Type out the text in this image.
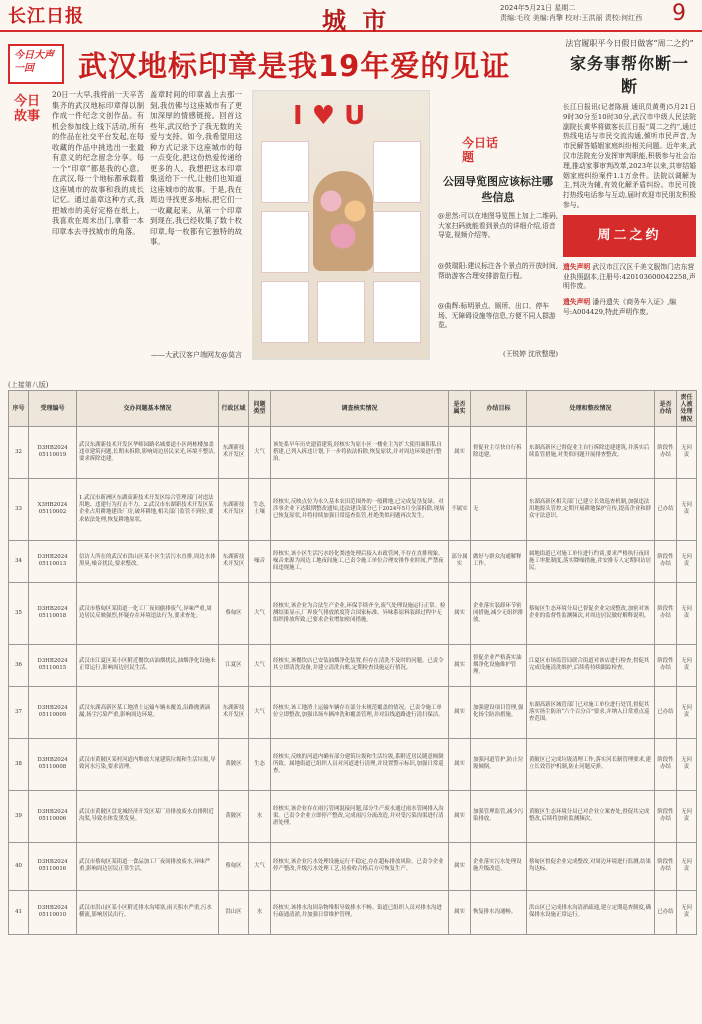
长江日报	城 市	2024年5月21日 星期二
责编:毛玫 美编:肖擎 校对:王洪丽 责校:何红西	9
今日大声一回	武汉地标印章是我19年爱的见证
今日故事
20日一大早,我将前一天辛苦集齐的武汉地标印章得以制作成一件纪念文创作品。有机会参加线上线下活动,所有的作品在社交平台发起,在每收藏的作品中挑选出一张最有意义的纪念留念分享。每一个“印章”都是我的心意。在武汉,每一个地标都承载着这座城市的故事和我的成长记忆。通过盖章这种方式,我把城市的美好定格在纸上。我喜欢在周末出门,拿着一本印章本去寻找城市的角落。
盖章时间的印章盖上去那一刻,我仿佛与这座城市有了更加深厚的情感链接。回首这些年,武汉给予了我无数的关爱与支持。如今,我希望用这种方式记录下这座城市的每一点变化,把这份热爱传递给更多的人。我想把这本印章集送给下一代,让他们也知道这座城市的故事。于是,我在周边寻找更多地标,把它们一一收藏起来。从第一个印章到现在,我已经收集了数十枚印章,每一枚都有它独特的故事。
——大武汉客户端网友@莫言
I ♥ U
今日话题
公园导览图应该标注哪些信息
@思然:可以在地图导览图上加上二维码,大家扫码就能看到景点的详细介绍,语音导览,视频介绍等。
@鼓瑞阳:建议标注各个景点的开放时间,帮助游客合理安排游览行程。
@曲辉:标明景点、厕所、出口、停车场、无障碍设施等信息,方便不同人群游览。
(王锐婷 沈欣整理)
法官履职平今日假日做客“周二之约”
家务事帮你断一断
长江日报讯(记者陈晨 通讯员黄勇)5月21日9时30分至10时30分,武汉市中级人民法院副院长黄华将做客长江日报“周二之约”,通过热线电话与市民交流沟通,倾听市民声音,为市民解答婚姻家庭纠纷相关问题。近年来,武汉市法院充分发挥审判职能,积极参与社会治理,推动家事审判改革,2023年以来,共审结婚姻家庭纠纷案件1.1万余件。法院以调解为主,判决为辅,有效化解矛盾纠纷。市民可拨打热线电话参与互动,届时欢迎市民朋友积极参与。
周二之约
遗失声明 武汉市江汉区千美文服饰门店东营业执照副本,注册号:420103600042258,声明作废。
遗失声明 潘丹遗失《商务车入证》,编号:A004429,特此声明作废。
(上接第八版)
序号	受理编号	交办问题基本情况	行政区域	问题类型	调查核实情况	是否属实	办结目标	处理和整改情况	是否办结	责任人被处理情况
32	D3HB2024 05110019	武汉东湖新技术开发区华师园路名城要道小区两栋楼加盖违章建筑问题,长期未拆除,影响周边居民采光,环境不整洁,要求拆除违建。	东湖新技术开发区	大气	该处系早年历史遗留建筑,经核实为原小区一楼业主为扩大使用面积私自搭建,已列入拆违计划,下一步将依法拆除,恢复原状,并对周边环境进行整治。	属实	督促业主尽快自行拆除违建。	东湖高新区已督促业主自行拆除违建建筑,并落实后续监管措施,对类似问题开展排查整改。	阶段性办结	无问责
33	X3HB2024 05110002	1.武汉市新洲区东湖高新技术开发区综合管理部门对违法用地、违建行为打击不力。2.武汉市东湖新技术开发区某企业占用耕地建设厂房,破坏耕地,相关部门监管不到位,要求依法处理,恢复耕地原状。	东湖新技术开发区	生态,土壤	经核实,反映点位为永久基本农田范围外的一般耕地,已完成复垦复绿。对涉事企业下达限期整改通知,违法建设部分已于2024年5月全部拆除,现场已恢复原状,并将持续加强日常巡查监管,杜绝类似问题再次发生。	不属实	无	东湖高新区相关部门已建立长效巡查机制,加强违法用地源头管控,定期开展耕地保护宣传,提高企业和群众守法意识。	已办结	无问责
34	D3HB2024 05110013	信访人所在的武汉市洪山区某小区生活污水直排,周边水体黑臭,噪音扰民,要求整改。	东湖新技术开发区	噪音	经核实,该小区生活污水经化粪池处理后接入市政管网,不存在直排现象。噪音来源为周边工地夜间施工,已责令施工单位合理安排作业时间,严禁夜间违规施工。	部分属实	做好与群众沟通解释工作。	属地街道已对施工单位进行约谈,要求严格执行夜间施工审批制度,落实降噪措施,并安排专人定期回访居民。	阶段性办结	无问责
35	D3HB2024 05110018	武汉市蔡甸区某街道一化工厂夜间偷排废气,异味严重,周边居民反映强烈,怀疑存在环境违法行为,要求查处。	蔡甸区	大气	经核实,该企业为合法生产企业,环保手续齐全,废气处理设施运行正常。检测结果显示,厂界废气排放浓度符合国家标准。异味系原料装卸过程中无组织排放所致,已要求企业增加密闭措施。	属实	企业落实装卸环节密闭措施,减少无组织排放。	蔡甸区生态环境分局已督促企业完成整改,加密对该企业的监督性监测频次,对周边居民做好解释说明。	阶段性办结	无问责
36	D3HB2024 05110015	武汉市江夏区某小区附近餐饮店油烟扰民,油烟净化设施未正常运行,影响周边居民生活。	江夏区	大气	经核实,该餐饮店已安装油烟净化装置,但存在清洗不及时的问题。已责令其立即清洗设备,并建立清洗台账,定期检查设施运行情况。	属实	督促企业严格落实油烟净化设施维护管理。	江夏区市场监管局联合街道对该店进行检查,督促其完成设施清洗维护,后续将持续跟踪检查。	阶段性办结	无问责
37	D3HB2024 05110009	武汉东湖高新区某工地渣土运输车辆未覆盖,沿路抛洒滴漏,扬尘污染严重,影响周边环境。	东湖新技术开发区	大气	经核实,该工地渣土运输车辆存在部分未规范覆盖的情况。已责令施工单位立即整改,加强出场车辆冲洗和覆盖管理,并对沿线道路进行清扫保洁。	属实	加强建设项目管理,强化扬尘防治措施。	东湖高新区城管部门已对施工单位进行处罚,督促其落实扬尘防治“六个百分百”要求,并纳入日常重点巡查范围。	已办结	无问责
38	D3HB2024 05110008	武汉市黄陂区某村河道内堆放大量建筑垃圾和生活垃圾,导致河水污染,要求清理。	黄陂区	生态	经核实,反映的河道内确有部分建筑垃圾和生活垃圾,系附近居民随意倾倒所致。属地街道已组织人员对河道进行清理,并设置警示标识,加强日常巡查。	属实	加强河道管护,防止垃圾倾倒。	黄陂区已完成垃圾清理工作,落实河长制管理要求,建立长效管护机制,防止问题反弹。	阶段性办结	无问责
39	D3HB2024 05110006	武汉市黄陂区盘龙城经济开发区某厂房排放废水直排附近沟渠,导致水体发黑发臭。	黄陂区	水	经核实,该企业存在雨污管网混接问题,部分生产废水通过雨水管网排入沟渠。已责令企业立即停产整改,完成雨污分流改造,并对受污染沟渠进行清淤处理。	属实	加强管理监管,减少污染排放。	黄陂区生态环境分局已对企业立案查处,督促其完成整改,后续将加密监测频次。	阶段性办结	无问责
40	D3HB2024 05110016	武汉市蔡甸区某街道一食品加工厂夜间排放废水,异味严重,影响周边居民正常生活。	蔡甸区	大气	经核实,该企业污水处理设施运行不稳定,存在超标排放风险。已责令企业停产整改,升级污水处理工艺,待验收合格后方可恢复生产。	属实	企业落实污水处理设施升级改造。	蔡甸区督促企业完成整改,对周边环境进行监测,结果均达标。	阶段性办结	无问责
41	D3HB2024 05110010	武汉市洪山区某小区附近排水沟堵塞,雨天积水严重,污水横流,影响居民出行。	洪山区	水	经核实,该排水沟因杂物堆积导致排水不畅。街道已组织人员对排水沟进行疏通清淤,并加强日常维护管理。	属实	恢复排水沟通畅。	洪山区已完成排水沟清淤疏通,建立定期巡查制度,确保排水设施正常运行。	已办结	无问责
